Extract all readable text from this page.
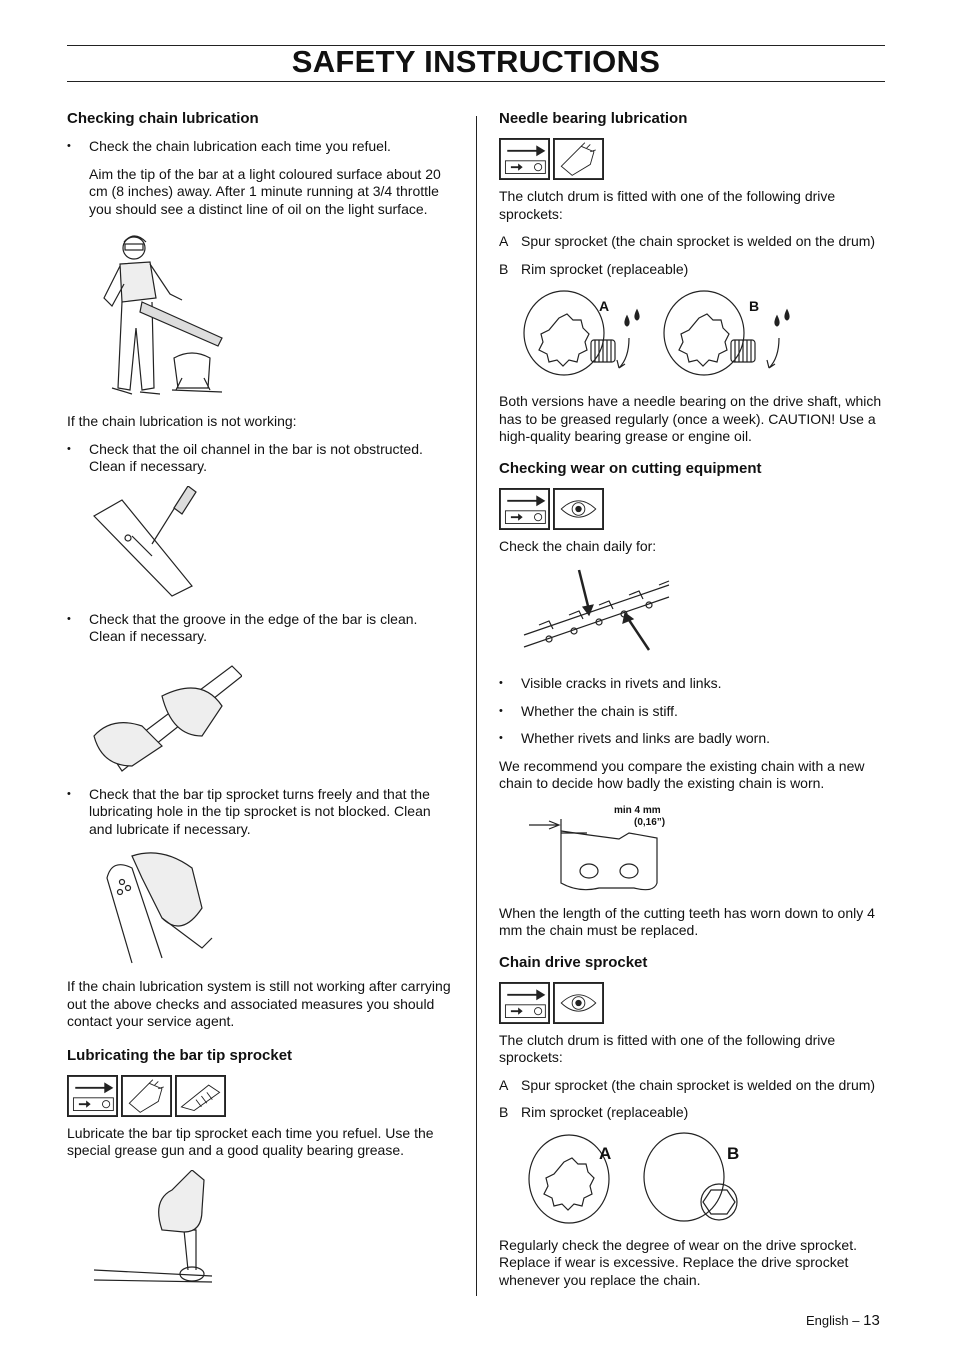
SAFETY INSTRUCTIONS
Checking chain lubrication
• Check the chain lubrication each time you refuel.

Aim the tip of the bar at a light coloured surface about 20 cm (8 inches) away. After 1 minute running at 3/4 throttle you should see a distinct line of oil on the light surface.

If the chain lubrication is not working:

• Check that the oil channel in the bar is not obstructed. Clean if necessary.
• Check that the groove in the edge of the bar is clean. Clean if necessary.
• Check that the bar tip sprocket turns freely and that the lubricating hole in the tip sprocket is not blocked. Clean and lubricate if necessary.

If the chain lubrication system is still not working after carrying out the above checks and associated measures you should contact your service agent.

Lubricating the bar tip sprocket

Lubricate the bar tip sprocket each time you refuel. Use the special grease gun and a good quality bearing grease.

Needle bearing lubrication

The clutch drum is fitted with one of the following drive sprockets:

A Spur sprocket (the chain sprocket is welded on the drum)
B Rim sprocket (replaceable)
A	B

Both versions have a needle bearing on the drive shaft, which has to be greased regularly (once a week). CAUTION! Use a high-quality bearing grease or engine oil.

Checking wear on cutting equipment

Check the chain daily for:

• Visible cracks in rivets and links.
• Whether the chain is stiff.
• Whether rivets and links are badly worn.

We recommend you compare the existing chain with a new chain to decide how badly the existing chain is worn.

min 4 mm
(0,16”)

When the length of the cutting teeth has worn down to only 4 mm the chain must be replaced.

Chain drive sprocket

The clutch drum is fitted with one of the following drive sprockets:

A Spur sprocket (the chain sprocket is welded on the drum)
B Rim sprocket (replaceable)
A	B

Regularly check the degree of wear on the drive sprocket. Replace if wear is excessive. Replace the drive sprocket whenever you replace the chain.

English – 13
